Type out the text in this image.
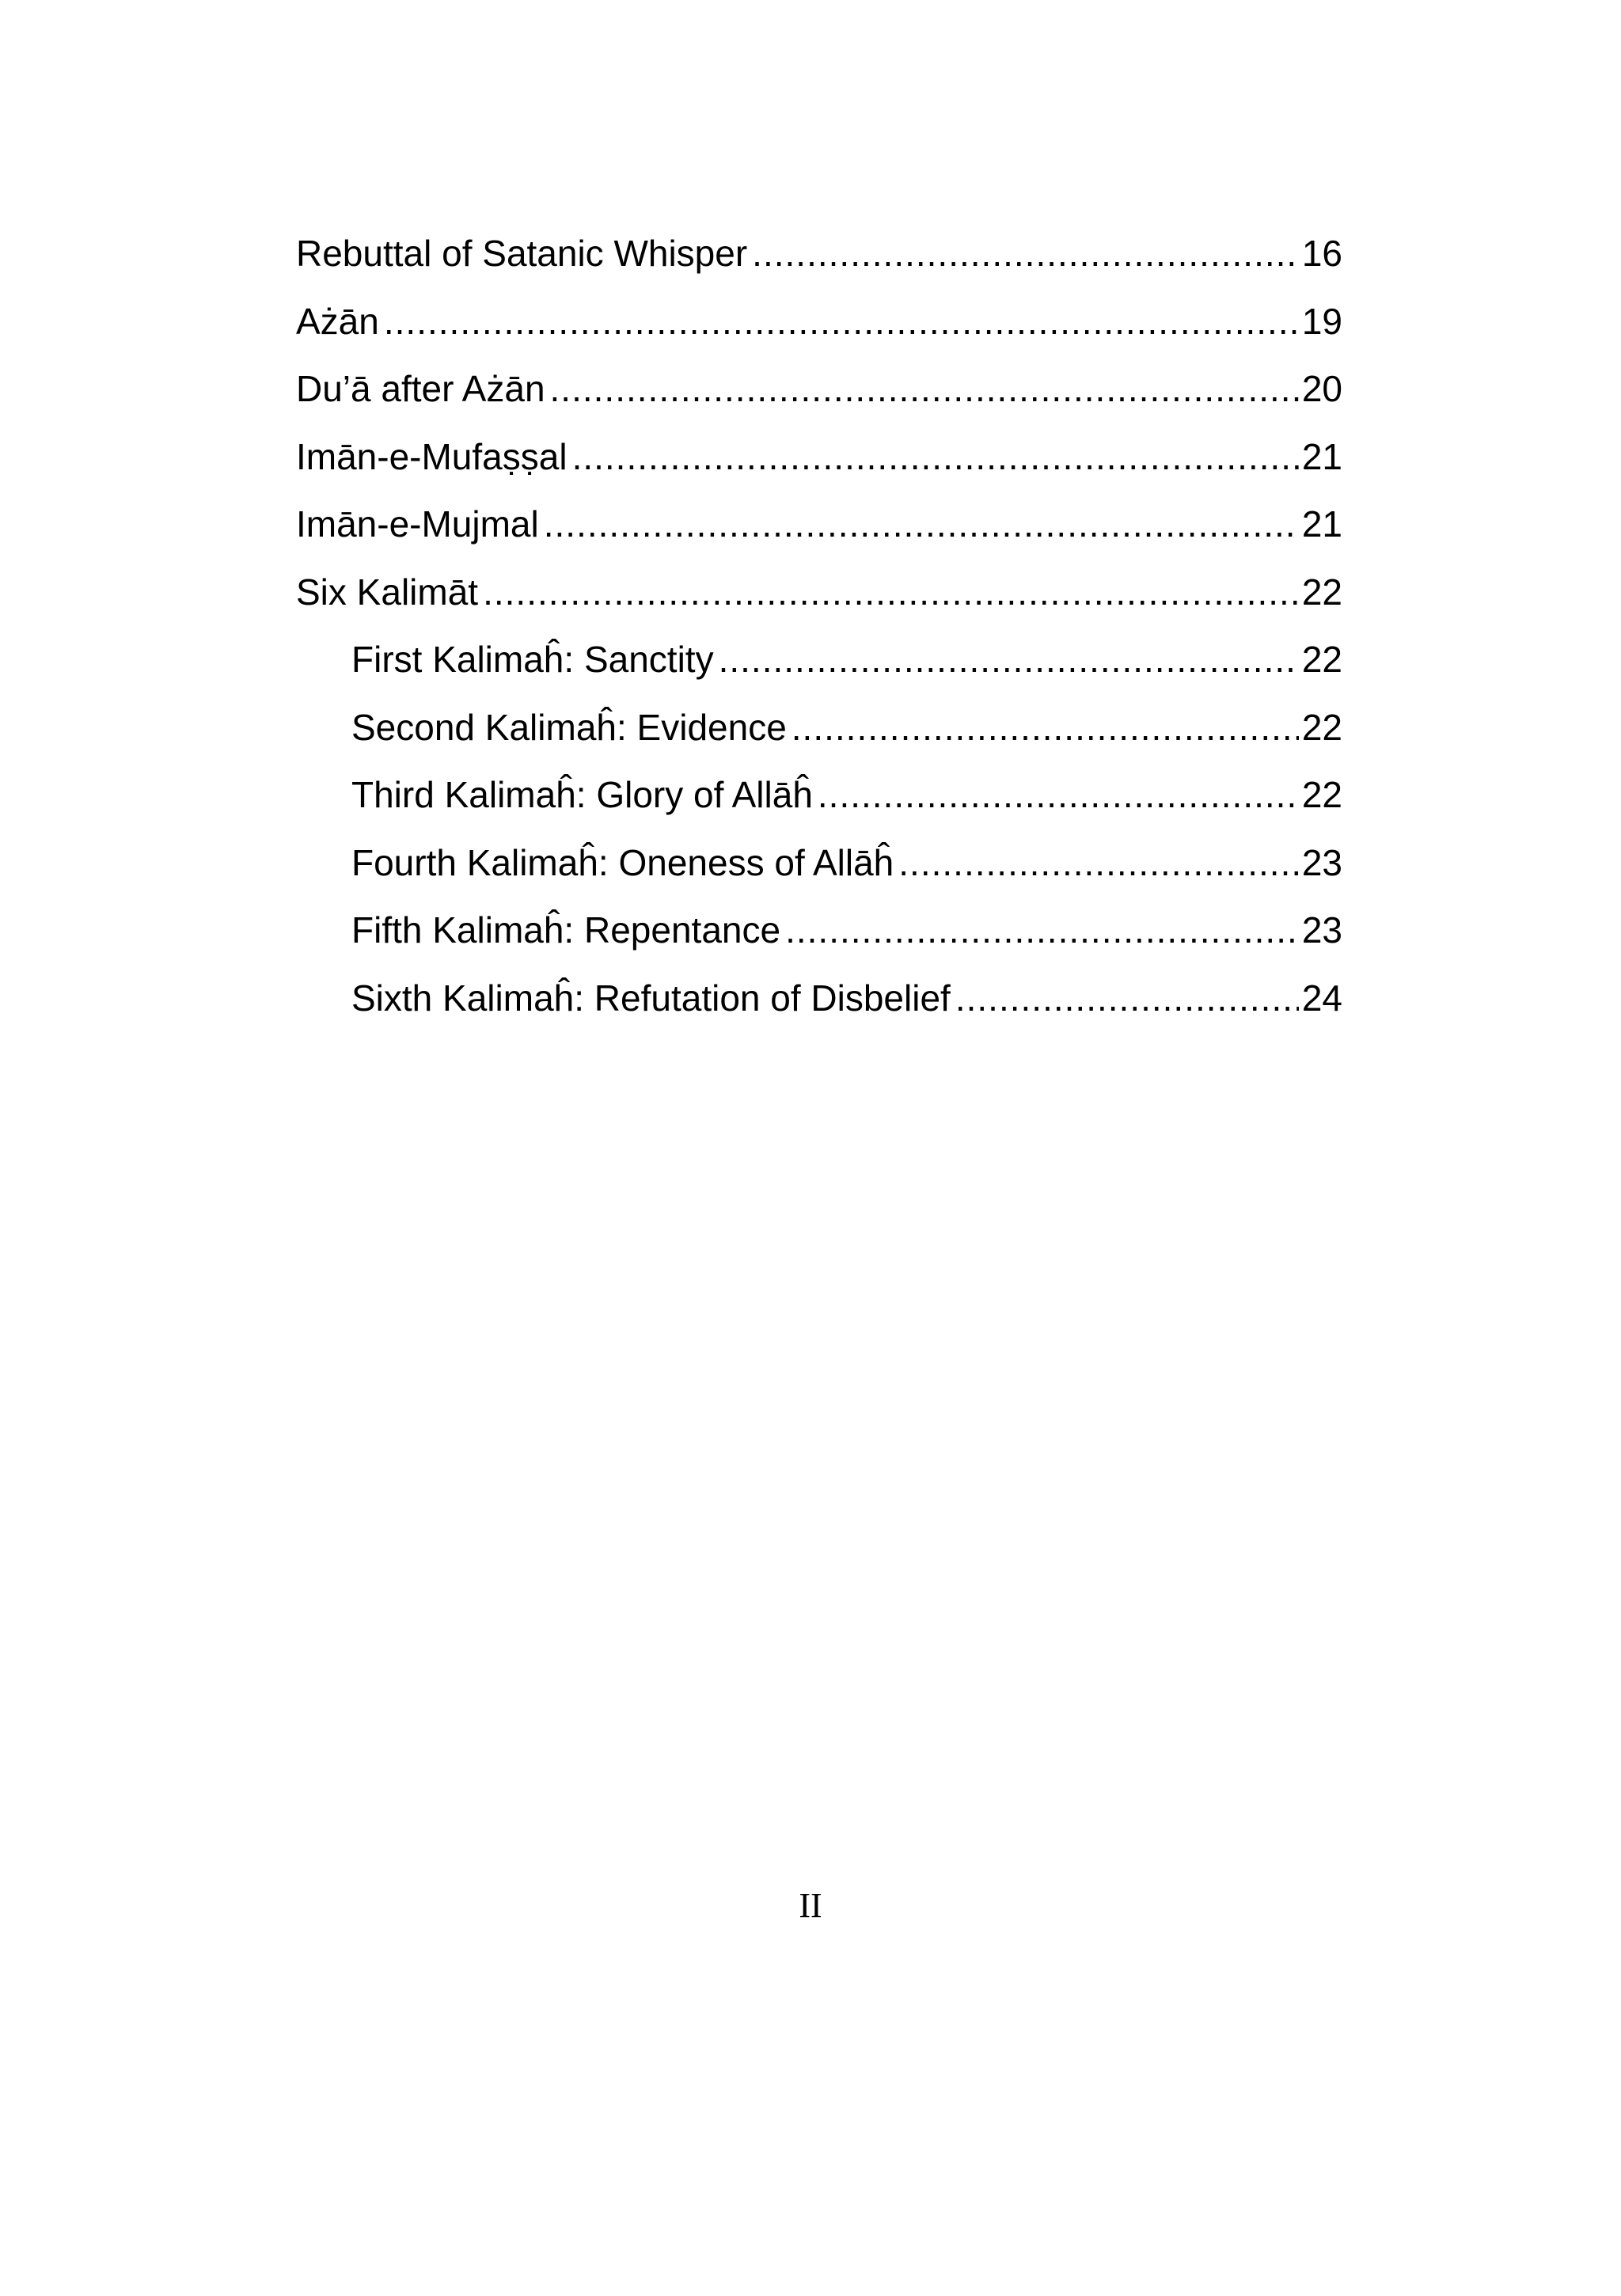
Rebuttal of Satanic Whisper .....	16
Ażān .....	19
Du’ā after Ażān .....	20
Imān-e-Mufaṣṣal .....	21
Imān-e-Mujmal .....	21
Six Kalimāt .....	22
First Kalimaĥ: Sanctity .....	22
Second Kalimaĥ: Evidence .....	22
Third Kalimaĥ: Glory of Allāĥ .....	22
Fourth Kalimaĥ: Oneness of Allāĥ .....	23
Fifth Kalimaĥ: Repentance .....	23
Sixth Kalimaĥ: Refutation of Disbelief .....	24
II
